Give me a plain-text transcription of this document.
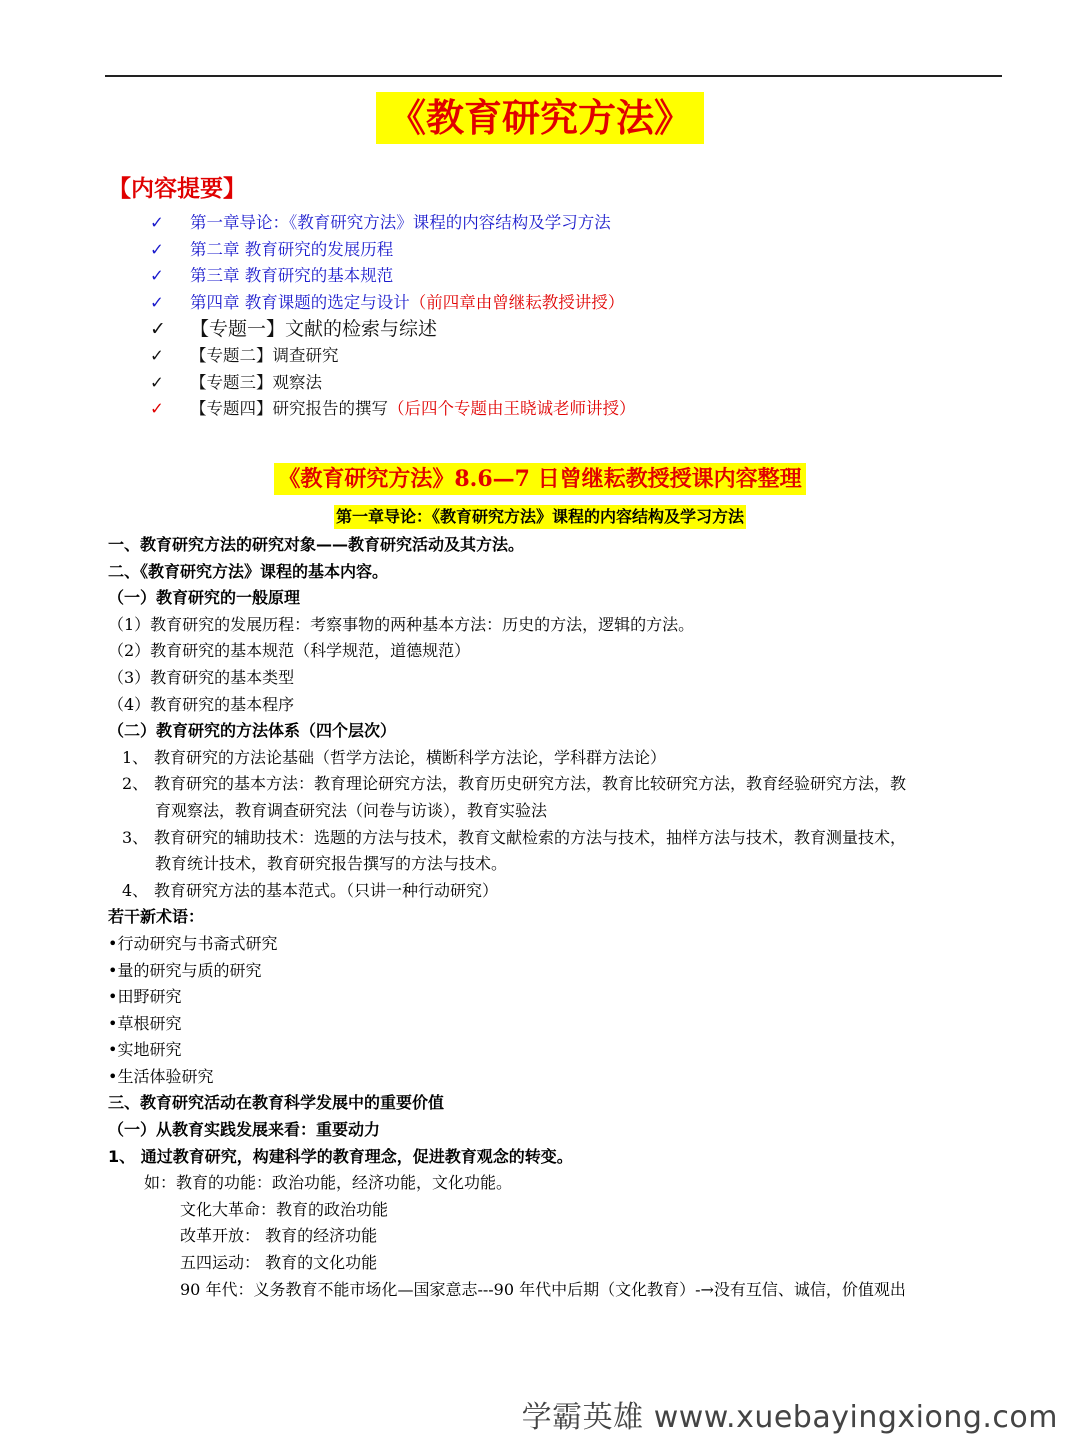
《教育研究方法》
【内容提要】
✓ 第一章导论：《教育研究方法》课程的内容结构及学习方法
✓ 第二章 教育研究的发展历程
✓ 第三章 教育研究的基本规范
✓ 第四章 教育课题的选定与设计（前四章由曾继耘教授讲授）
✓ 【专题一】文献的检索与综述
✓ 【专题二】调查研究
✓ 【专题三】观察法
✓ 【专题四】研究报告的撰写（后四个专题由王晓诚老师讲授）
《教育研究方法》8.6—7 日曾继耘教授授课内容整理
第一章导论：《教育研究方法》课程的内容结构及学习方法
一、教育研究方法的研究对象——教育研究活动及其方法。
二、《教育研究方法》课程的基本内容。
（一）教育研究的一般原理
（1）教育研究的发展历程：考察事物的两种基本方法：历史的方法，逻辑的方法。
（2）教育研究的基本规范（科学规范，道德规范）
（3）教育研究的基本类型
（4）教育研究的基本程序
（二）教育研究的方法体系（四个层次）
1、 教育研究的方法论基础（哲学方法论，横断科学方法论，学科群方法论）
2、 教育研究的基本方法：教育理论研究方法，教育历史研究方法，教育比较研究方法，教育经验研究方法，教
育观察法，教育调查研究法（问卷与访谈），教育实验法
3、 教育研究的辅助技术：选题的方法与技术，教育文献检索的方法与技术，抽样方法与技术，教育测量技术，
教育统计技术，教育研究报告撰写的方法与技术。
4、 教育研究方法的基本范式。（只讲一种行动研究）
若干新术语：
•行动研究与书斋式研究
•量的研究与质的研究
•田野研究
•草根研究
•实地研究
•生活体验研究
三、教育研究活动在教育科学发展中的重要价值
（一）从教育实践发展来看：重要动力
1、 通过教育研究，构建科学的教育理念，促进教育观念的转变。
如：教育的功能：政治功能，经济功能，文化功能。
文化大革命：教育的政治功能
改革开放： 教育的经济功能
五四运动： 教育的文化功能
90 年代：义务教育不能市场化—国家意志---90 年代中后期（文化教育）-→没有互信、诚信，价值观出
学霸英雄 www.xuebayingxiong.com
